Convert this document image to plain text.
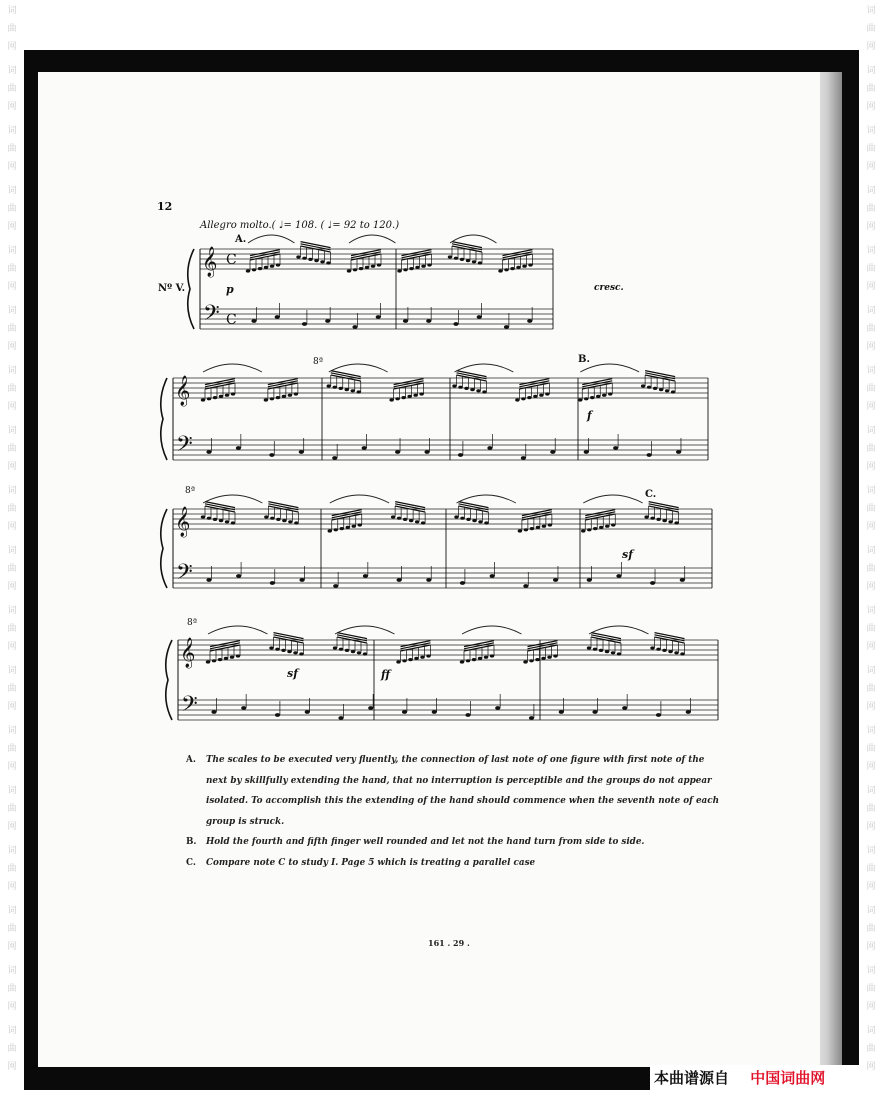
词
曲
网
词
曲
网
词
曲
网
词
曲
网
词
曲
网
词
曲
网
词
曲
网
词
曲
网
词
曲
网
词
曲
网
词
曲
网
词
曲
网
词
曲
网
词
曲
网
词
曲
网
词
曲
网
词
曲
网
词
曲
网
词
曲
网
词
曲
网
词
曲
网
词
曲
网
词
曲
网
词
曲
网
词
曲
网
词
曲
网
词
曲
网
词
曲
网
词
曲
网
词
曲
网
词
曲
网
词
曲
网
词
曲
网
词
曲
网
词
曲
网
词
曲
网
12
Allegro molto.( ♩= 108. ( ♩= 92 to 120.)
Nº V.
A.
B.
C.
p	cresc.
f
sf
sf	ff
8ª
8ª
8ª
𝄞
𝄢
C
C
𝄞
𝄢
𝄞
𝄢
𝄞
𝄢
A. The scales to be executed very fluently, the connection of last note of one figure with first note of the next by skillfully extending the hand, that no interruption is perceptible and the groups do not appear isolated. To accomplish this the extending of the hand should commence when the seventh note of each group is struck.
B. Hold the fourth and fifth finger well rounded and let not the hand turn from side to side.
C. Compare note C to study I. Page 5 which is treating a parallel case
161 . 29 .
本曲谱源自 中国词曲网
